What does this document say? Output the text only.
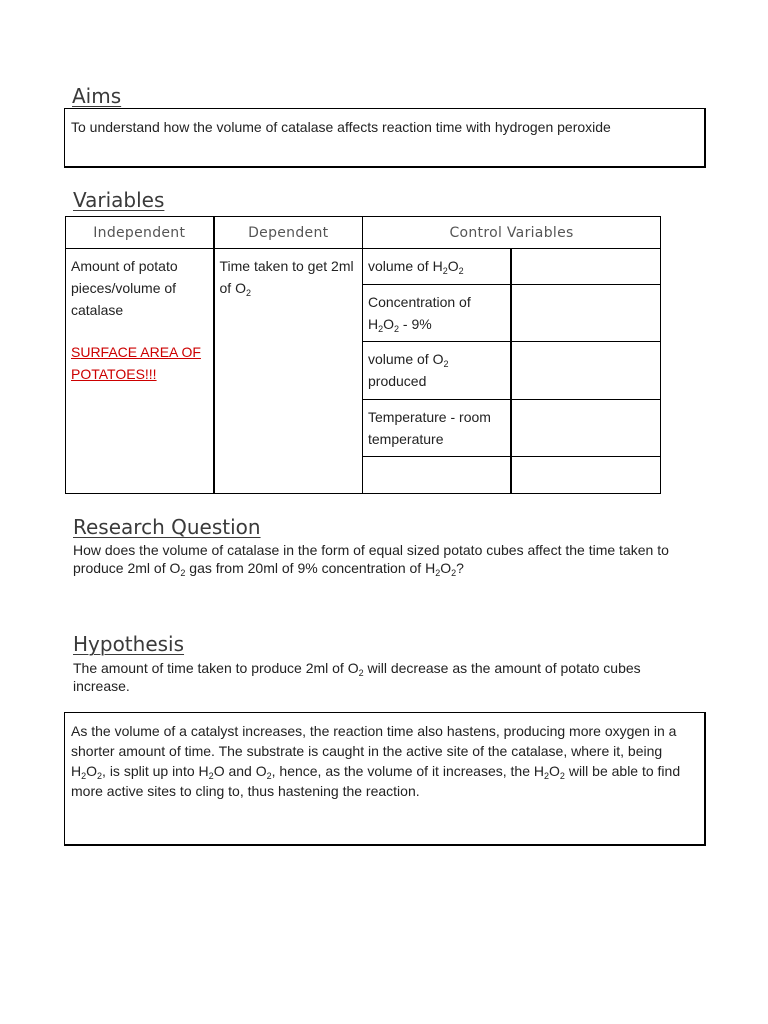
Aims
To understand how the volume of catalase affects reaction time with hydrogen peroxide
Variables
Independent	Dependent	Control Variables	

Amount of potato pieces/volume of catalase
SURFACE AREA OF POTATOES!!!	Time taken to get 2ml of $O_2$	volume of $H_2O_2$	
		Concentration of $H_2O_2 - 9\%$	
		volume of $O_2$ produced	
		Temperature - room temperature	

Research Question

How does the volume of catalase in the form of equal sized potato cubes affect the time taken to produce 2ml of $O_2$ gas from 20ml of 9% concentration of $H_2O_2$?

Hypothesis

The amount of time taken to produce 2ml of $O_2$ will decrease as the amount of potato cubes increase.

As the volume of a catalyst increases, the reaction time also hastens, producing more oxygen in a shorter amount of time. The substrate is caught in the active site of the catalase, where it, being $H_2O_2$, is split up into $H_2O$ and $O_2$, hence, as the volume of it increases, the $H_2O_2$ will be able to find more active sites to cling to, thus hastening the reaction.
